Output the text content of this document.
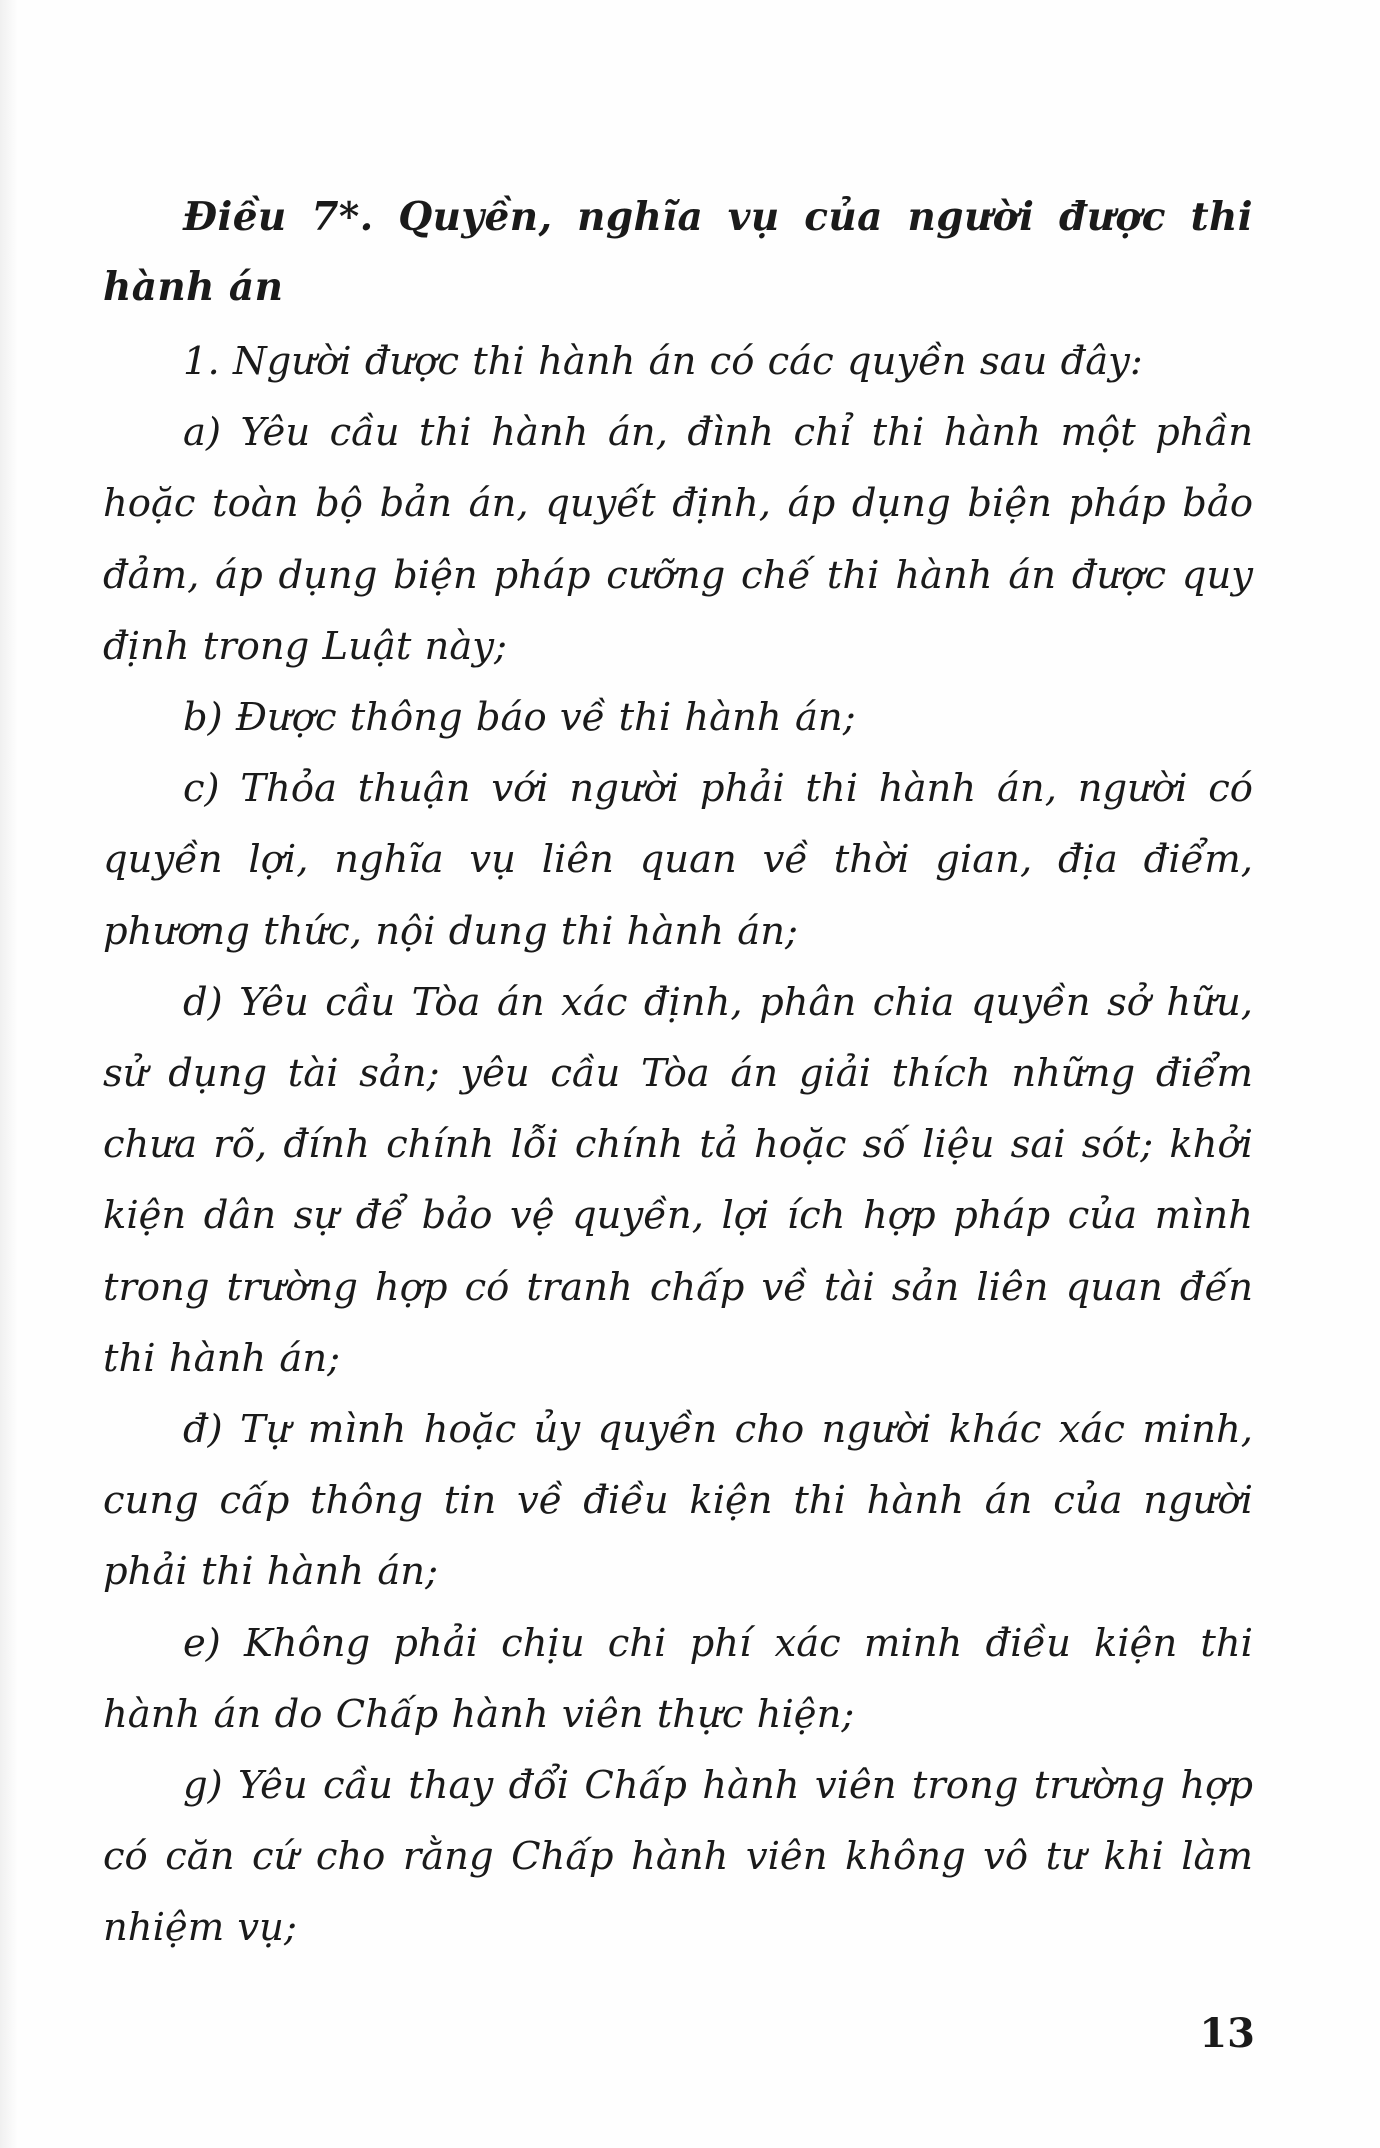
Điều 7*. Quyền, nghĩa vụ của người được thi hành án

1. Người được thi hành án có các quyền sau đây:

a) Yêu cầu thi hành án, đình chỉ thi hành một phần hoặc toàn bộ bản án, quyết định, áp dụng biện pháp bảo đảm, áp dụng biện pháp cưỡng chế thi hành án được quy định trong Luật này;

b) Được thông báo về thi hành án;

c) Thỏa thuận với người phải thi hành án, người có quyền lợi, nghĩa vụ liên quan về thời gian, địa điểm, phương thức, nội dung thi hành án;

d) Yêu cầu Tòa án xác định, phân chia quyền sở hữu, sử dụng tài sản; yêu cầu Tòa án giải thích những điểm chưa rõ, đính chính lỗi chính tả hoặc số liệu sai sót; khởi kiện dân sự để bảo vệ quyền, lợi ích hợp pháp của mình trong trường hợp có tranh chấp về tài sản liên quan đến thi hành án;

đ) Tự mình hoặc ủy quyền cho người khác xác minh, cung cấp thông tin về điều kiện thi hành án của người phải thi hành án;

e) Không phải chịu chi phí xác minh điều kiện thi hành án do Chấp hành viên thực hiện;

g) Yêu cầu thay đổi Chấp hành viên trong trường hợp có căn cứ cho rằng Chấp hành viên không vô tư khi làm nhiệm vụ;

13
